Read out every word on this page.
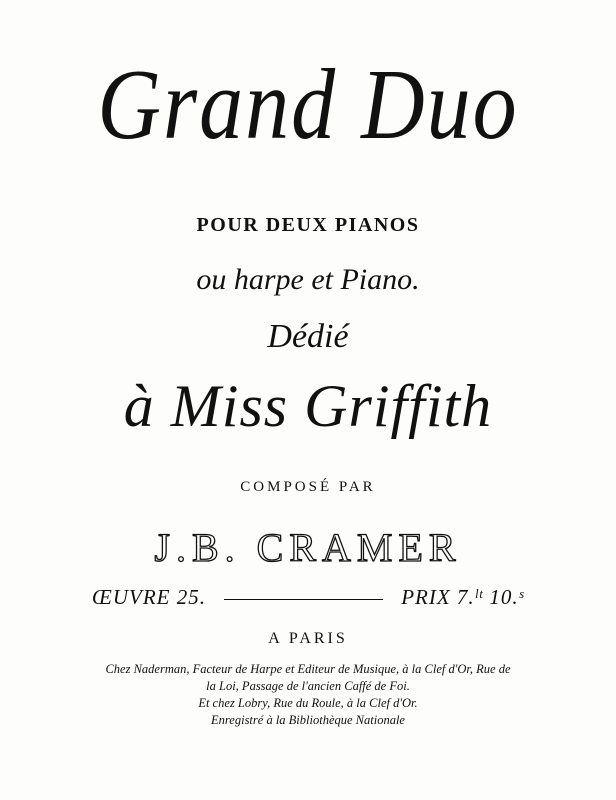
Grand Duo
POUR DEUX PIANOS
ou harpe et Piano.
Dédié
à Miss Griffith
COMPOSÉ PAR
J.B. CRAMER
ŒUVRE 25.	PRIX 7.ˡᵗ 10.ˢ
A PARIS
Chez Naderman, Facteur de Harpe et Editeur de Musique, à la Clef d'Or, Rue de
la Loi, Passage de l'ancien Caffé de Foi.
Et chez Lobry, Rue du Roule, à la Clef d'Or.
Enregistré à la Bibliothèque Nationale
